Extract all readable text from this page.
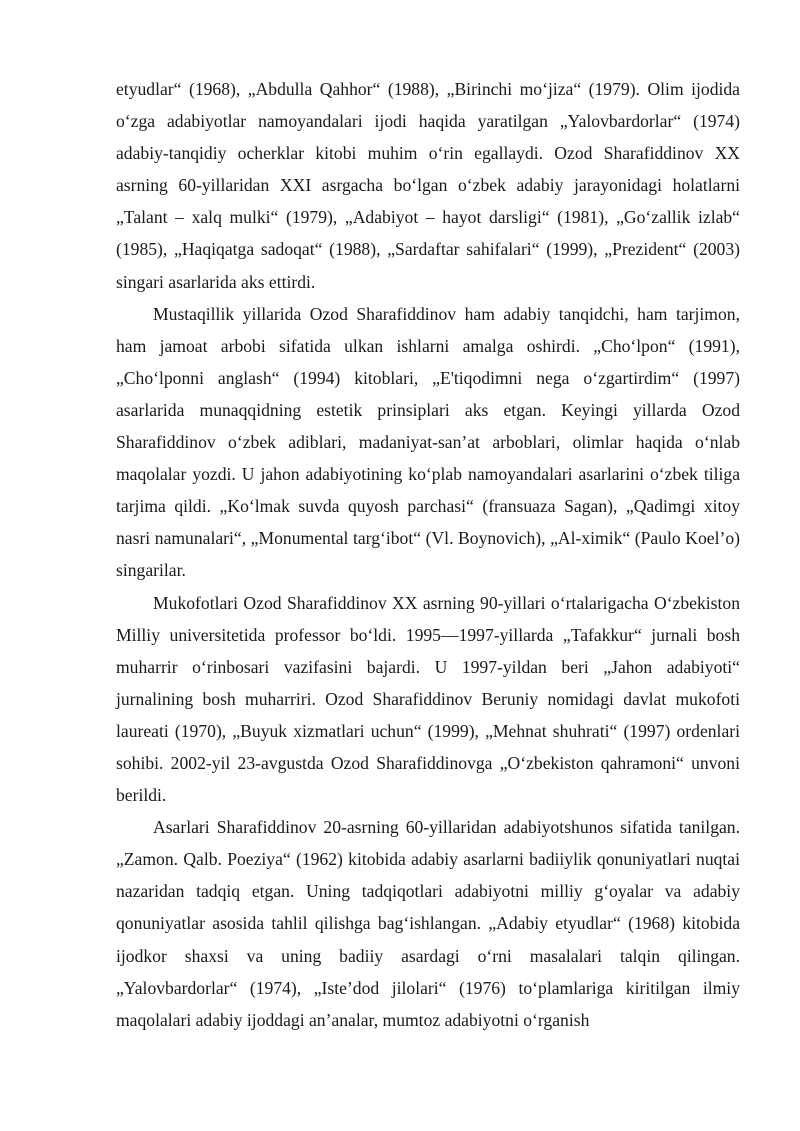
etyudlar“ (1968), „Abdulla Qahhor“ (1988), „Birinchi mo‘jiza“ (1979). Olim ijodida o‘zga adabiyotlar namoyandalari ijodi haqida yaratilgan „Yalovbardorlar“ (1974) adabiy-tanqidiy ocherklar kitobi muhim o‘rin egallaydi. Ozod Sharafiddinov XX asrning 60-yillaridan XXI asrgacha bo‘lgan o‘zbek adabiy jarayonidagi holatlarni „Talant – xalq mulki“ (1979), „Adabiyot – hayot darsligi“ (1981), „Go‘zallik izlab“ (1985), „Haqiqatga sadoqat“ (1988), „Sardaftar sahifalari“ (1999), „Prezident“ (2003) singari asarlarida aks ettirdi.

Mustaqillik yillarida Ozod Sharafiddinov ham adabiy tanqidchi, ham tarjimon, ham jamoat arbobi sifatida ulkan ishlarni amalga oshirdi. „Cho‘lpon“ (1991), „Cho‘lponni anglash“ (1994) kitoblari, „E'tiqodimni nega o‘zgartirdim“ (1997) asarlarida munaqqidning estetik prinsiplari aks etgan. Keyingi yillarda Ozod Sharafiddinov o‘zbek adiblari, madaniyat-san’at arboblari, olimlar haqida o‘nlab maqolalar yozdi. U jahon adabiyotining ko‘plab namoyandalari asarlarini o‘zbek tiliga tarjima qildi. „Ko‘lmak suvda quyosh parchasi“ (fransuaza Sagan), „Qadimgi xitoy nasri namunalari“, „Monumental targ‘ibot“ (Vl. Boynovich), „Al-ximik“ (Paulo Koel’o) singarilar.

Mukofotlari Ozod Sharafiddinov XX asrning 90-yillari o‘rtalarigacha O‘zbekiston Milliy universitetida professor bo‘ldi. 1995—1997-yillarda „Tafakkur“ jurnali bosh muharrir o‘rinbosari vazifasini bajardi. U 1997-yildan beri „Jahon adabiyoti“ jurnalining bosh muharriri. Ozod Sharafiddinov Beruniy nomidagi davlat mukofoti laureati (1970), „Buyuk xizmatlari uchun“ (1999), „Mehnat shuhrati“ (1997) ordenlari sohibi. 2002-yil 23-avgustda Ozod Sharafiddinovga „O‘zbekiston qahramoni“ unvoni berildi.

Asarlari Sharafiddinov 20-asrning 60-yillaridan adabiyotshunos sifatida tanilgan. „Zamon. Qalb. Poeziya“ (1962) kitobida adabiy asarlarni badiiylik qonuniyatlari nuqtai nazaridan tadqiq etgan. Uning tadqiqotlari adabiyotni milliy g‘oyalar va adabiy qonuniyatlar asosida tahlil qilishga bag‘ishlangan. „Adabiy etyudlar“ (1968) kitobida ijodkor shaxsi va uning badiiy asardagi o‘rni masalalari talqin qilingan. „Yalovbardorlar“ (1974), „Iste’dod jilolari“ (1976) to‘plamlariga kiritilgan ilmiy maqolalari adabiy ijoddagi an’analar, mumtoz adabiyotni o‘rganish
